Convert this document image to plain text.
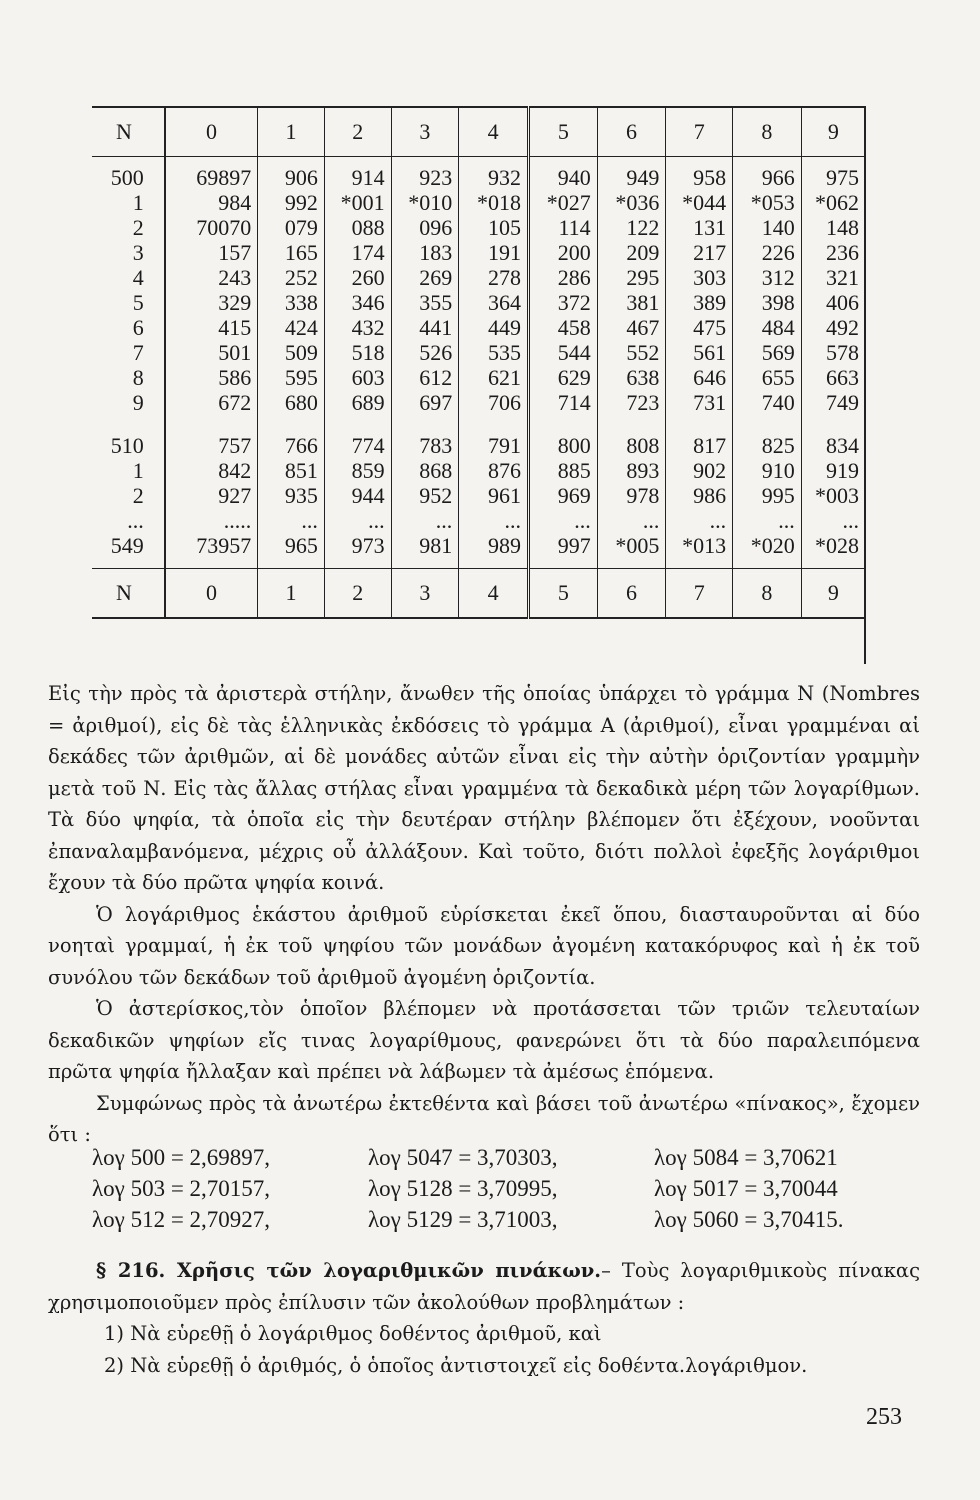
N	0	1	2	3	4	5	6	7	8	9
500	69897	906	914	923	932	940	949	958	966	975
1	984	992	*001	*010	*018	*027	*036	*044	*053	*062
2	70070	079	088	096	105	114	122	131	140	148
3	157	165	174	183	191	200	209	217	226	236
4	243	252	260	269	278	286	295	303	312	321
5	329	338	346	355	364	372	381	389	398	406
6	415	424	432	441	449	458	467	475	484	492
7	501	509	518	526	535	544	552	561	569	578
8	586	595	603	612	621	629	638	646	655	663
9	672	680	689	697	706	714	723	731	740	749

510	757	766	774	783	791	800	808	817	825	834
1	842	851	859	868	876	885	893	902	910	919
2	927	935	944	952	961	969	978	986	995	*003
...	.....	...	...	...	...	...	...	...	...	...
549	73957	965	973	981	989	997	*005	*013	*020	*028
N	0	1	2	3	4	5	6	7	8	9

Εἰς τὴν πρὸς τὰ ἀριστερὰ στήλην, ἄνωθεν τῆς ὁποίας ὑπάρχει τὸ γράμμα Ν (Nombres = ἀριθμοί), εἰς δὲ τὰς ἑλληνικὰς ἐκδόσεις τὸ γράμμα Α (ἀριθμοί), εἶναι γραμμέναι αἱ δεκάδες τῶν ἀριθμῶν, αἱ δὲ μονάδες αὐτῶν εἶναι εἰς τὴν αὐτὴν ὁριζοντίαν γραμμὴν μετὰ τοῦ Ν. Εἰς τὰς ἄλλας στήλας εἶναι γραμμένα τὰ δεκαδικὰ μέρη τῶν λογαρίθμων. Τὰ δύο ψηφία, τὰ ὁποῖα εἰς τὴν δευτέραν στήλην βλέπομεν ὅτι ἐξέχουν, νοοῦνται ἐπαναλαμβανόμενα, μέχρις οὗ ἀλλάξουν. Καὶ τοῦτο, διότι πολλοὶ ἐφεξῆς λογάριθμοι ἔχουν τὰ δύο πρῶτα ψηφία κοινά.

Ὁ λογάριθμος ἑκάστου ἀριθμοῦ εὑρίσκεται ἐκεῖ ὅπου, διασταυροῦνται αἱ δύο νοηταὶ γραμμαί, ἡ ἐκ τοῦ ψηφίου τῶν μονάδων ἀγομένη κατακόρυφος καὶ ἡ ἐκ τοῦ συνόλου τῶν δεκάδων τοῦ ἀριθμοῦ ἀγομένη ὁριζοντία.

Ὁ ἀστερίσκος,τὸν ὁποῖον βλέπομεν νὰ προτάσσεται τῶν τριῶν τελευταίων δεκαδικῶν ψηφίων εἴς τινας λογαρίθμους, φανερώνει ὅτι τὰ δύο παραλειπόμενα πρῶτα ψηφία ἤλλαξαν καὶ πρέπει νὰ λάβωμεν τὰ ἀμέσως ἑπόμενα.

Συμφώνως πρὸς τὰ ἀνωτέρω ἐκτεθέντα καὶ βάσει τοῦ ἀνωτέρω «πίνακος», ἔχομεν ὅτι :

λογ 500 = 2,69897,	λογ 5047 = 3,70303,	λογ 5084 = 3,70621
λογ 503 = 2,70157,	λογ 5128 = 3,70995,	λογ 5017 = 3,70044
λογ 512 = 2,70927,	λογ 5129 = 3,71003,	λογ 5060 = 3,70415.

§ 216. Χρῆσις τῶν λογαριθμικῶν πινάκων.– Τοὺς λογαριθμικοὺς πίνακας χρησιμοποιοῦμεν πρὸς ἐπίλυσιν τῶν ἀκολούθων προβλημάτων :

1) Νὰ εὑρεθῇ ὁ λογάριθμος δοθέντος ἀριθμοῦ, καὶ

2) Νὰ εὑρεθῇ ὁ ἀριθμός, ὁ ὁποῖος ἀντιστοιχεῖ εἰς δοθέντα.λογάριθμον.

253
